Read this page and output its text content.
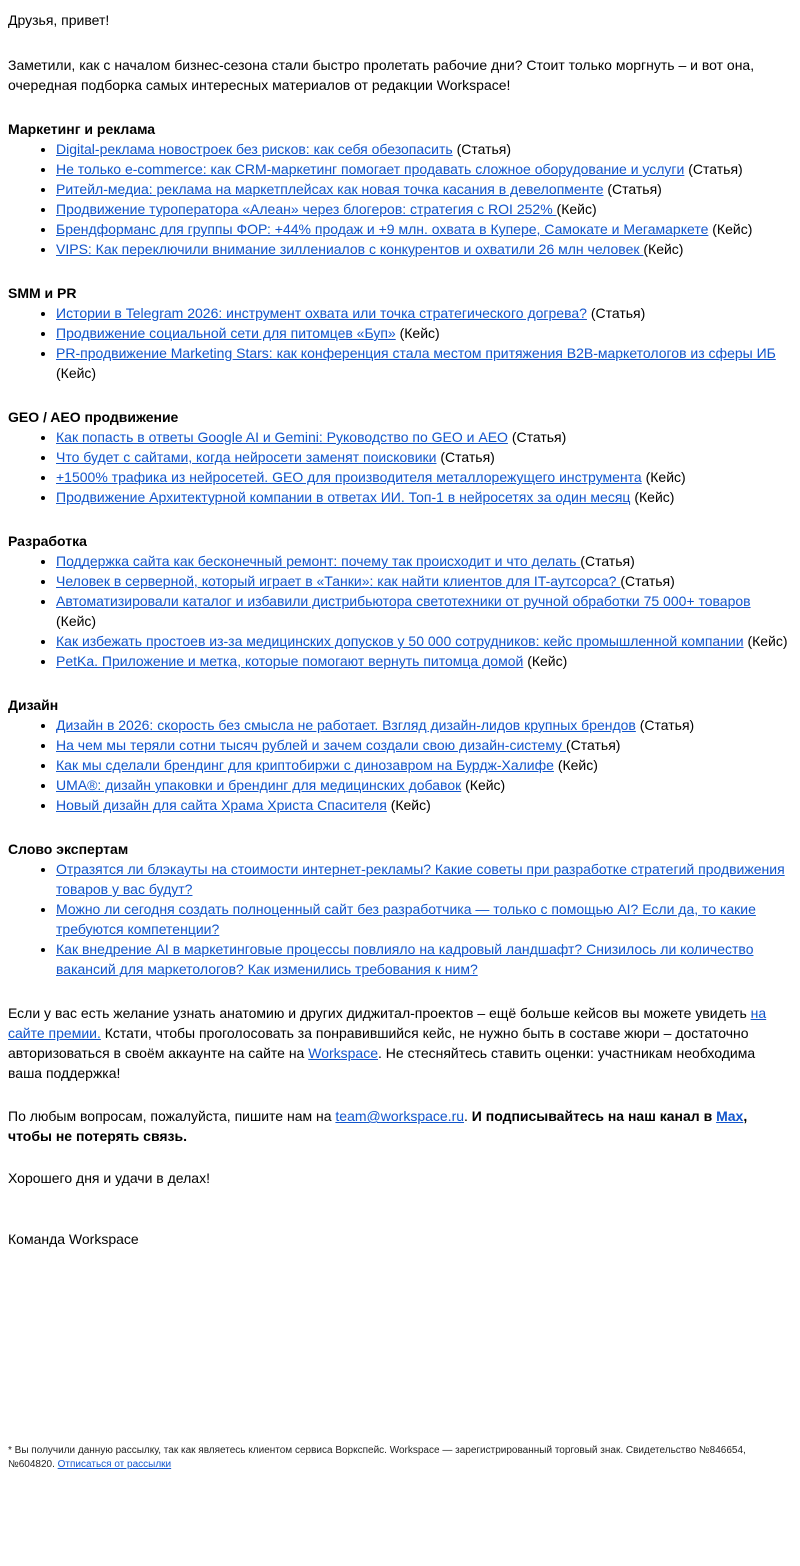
Друзья, привет!

Заметили, как с началом бизнес-сезона стали быстро пролетать рабочие дни? Стоит только моргнуть – и вот она, очередная подборка самых интересных материалов от редакции Workspace!

Маркетинг и реклама

• Digital-реклама новостроек без рисков: как себя обезопасить (Статья)
• Не только e-commerce: как CRM-маркетинг помогает продавать сложное оборудование и услуги (Статья)
• Ритейл-медиа: реклама на маркетплейсах как новая точка касания в девелопменте (Статья)
• Продвижение туроператора «Алеан» через блогеров: стратегия с ROI 252% (Кейс)
• Брендформанс для группы ФОР: +44% продаж и +9 млн. охвата в Купере, Самокате и Мегамаркете (Кейс)
• VIPS: Как переключили внимание зиллениалов с конкурентов и охватили 26 млн человек (Кейс)

SMM и PR

• Истории в Telegram 2026: инструмент охвата или точка стратегического догрева? (Статья)
• Продвижение социальной сети для питомцев «Буп» (Кейс)
• PR-продвижение Marketing Stars: как конференция стала местом притяжения B2B-маркетологов из сферы ИБ (Кейс)

GEO / AEO продвижение

• Как попасть в ответы Google AI и Gemini: Руководство по GEO и AEO (Статья)
• Что будет с сайтами, когда нейросети заменят поисковики (Статья)
• +1500% трафика из нейросетей. GEO для производителя металлорежущего инструмента (Кейс)
• Продвижение Архитектурной компании в ответах ИИ. Топ-1 в нейросетях за один месяц (Кейс)

Разработка

• Поддержка сайта как бесконечный ремонт: почему так происходит и что делать (Статья)
• Человек в серверной, который играет в «Танки»: как найти клиентов для IT-аутсорса? (Статья)
• Автоматизировали каталог и избавили дистрибьютора светотехники от ручной обработки 75 000+ товаров (Кейс)
• Как избежать простоев из-за медицинских допусков у 50 000 сотрудников: кейс промышленной компании (Кейс)
• PetKa. Приложение и метка, которые помогают вернуть питомца домой (Кейс)

Дизайн

• Дизайн в 2026: скорость без смысла не работает. Взгляд дизайн-лидов крупных брендов (Статья)
• На чем мы теряли сотни тысяч рублей и зачем создали свою дизайн-систему (Статья)
• Как мы сделали брендинг для криптобиржи с динозавром на Бурдж-Халифе (Кейс)
• UMA®: дизайн упаковки и брендинг для медицинских добавок (Кейс)
• Новый дизайн для сайта Храма Христа Спасителя (Кейс)

Слово экспертам

• Отразятся ли блэкауты на стоимости интернет-рекламы? Какие советы при разработке стратегий продвижения товаров у вас будут?
• Можно ли сегодня создать полноценный сайт без разработчика — только с помощью AI? Если да, то какие требуются компетенции?
• Как внедрение AI в маркетинговые процессы повлияло на кадровый ландшафт? Снизилось ли количество вакансий для маркетологов? Как изменились требования к ним?

Если у вас есть желание узнать анатомию и других диджитал-проектов – ещё больше кейсов вы можете увидеть на сайте премии. Кстати, чтобы проголосовать за понравившийся кейс, не нужно быть в составе жюри – достаточно авторизоваться в своём аккаунте на сайте на Workspace. Не стесняйтесь ставить оценки: участникам необходима ваша поддержка!

По любым вопросам, пожалуйста, пишите нам на team@workspace.ru. И подписывайтесь на наш канал в Max, чтобы не потерять связь.

Хорошего дня и удачи в делах!

Команда Workspace

* Вы получили данную рассылку, так как являетесь клиентом сервиса Воркспейс. Workspace — зарегистрированный торговый знак. Свидетельство №846654, №604820. Отписаться от рассылки
